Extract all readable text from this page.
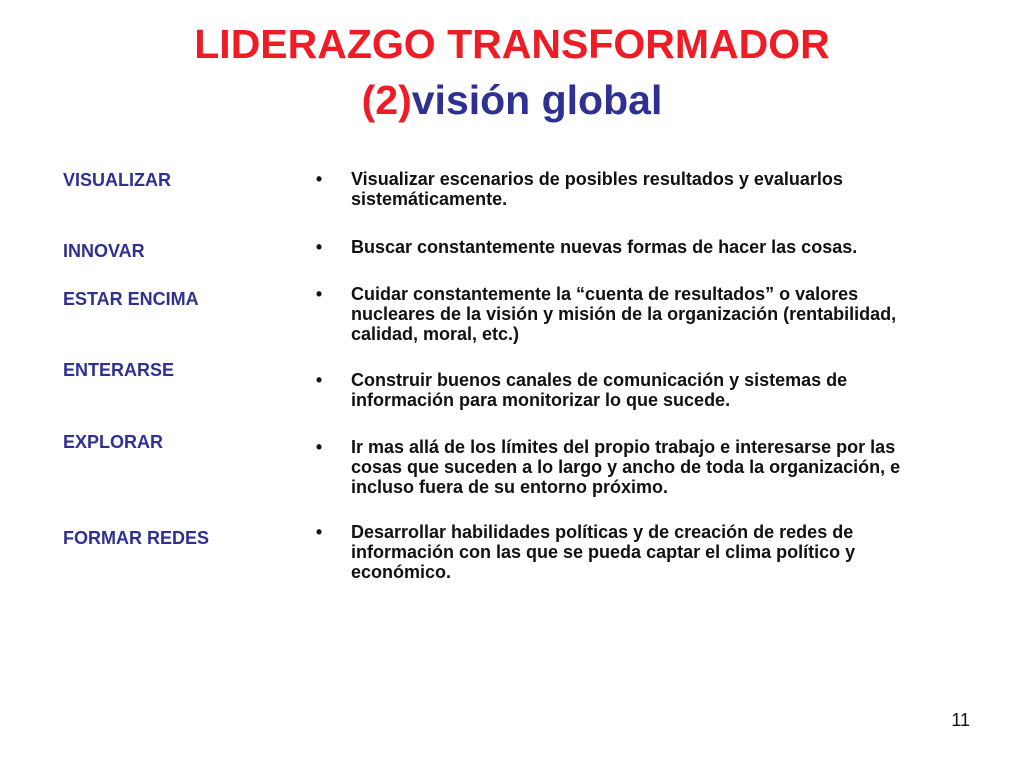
LIDERAZGO TRANSFORMADOR
(2)visión global
VISUALIZAR
INNOVAR
ESTAR ENCIMA
ENTERARSE
EXPLORAR
FORMAR REDES
• Visualizar escenarios de posibles resultados y evaluarlos sistemáticamente.
• Buscar constantemente nuevas formas de hacer las cosas.
• Cuidar constantemente la “cuenta de resultados” o valores nucleares de la visión y misión de la organización (rentabilidad, calidad, moral, etc.)
• Construir buenos canales de comunicación y sistemas de información para monitorizar lo que sucede.
• Ir mas allá de los límites del propio trabajo e interesarse por las cosas que suceden a lo largo y ancho de toda la organización, e incluso fuera de su entorno próximo.
• Desarrollar habilidades políticas y de creación de redes de información con las que se pueda captar el clima político y económico.
11
